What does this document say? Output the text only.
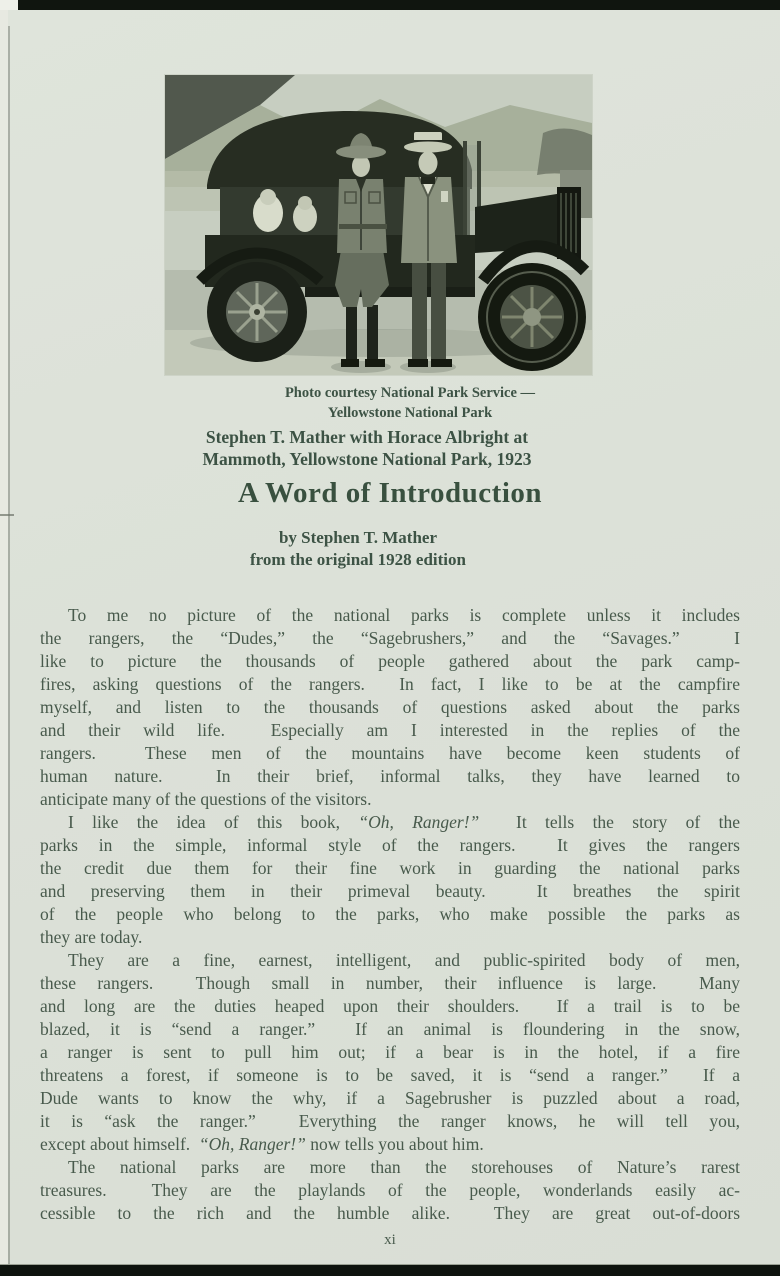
Photo courtesy National Park Service —
Yellowstone National Park
Stephen T. Mather with Horace Albright at
Mammoth, Yellowstone National Park, 1923
A Word of Introduction
by Stephen T. Mather
from the original 1928 edition
To me no picture of the national parks is complete unless it includes
the rangers, the “Dudes,” the “Sagebrushers,” and the “Savages.”  I
like to picture the thousands of people gathered about the park camp-
fires, asking questions of the rangers.  In fact, I like to be at the campfire
myself, and listen to the thousands of questions asked about the parks
and their wild life.  Especially am I interested in the replies of the
rangers.  These men of the mountains have become keen students of
human nature.  In their brief, informal talks, they have learned to
anticipate many of the questions of the visitors.
I like the idea of this book, “Oh, Ranger!”  It tells the story of the
parks in the simple, informal style of the rangers.  It gives the rangers
the credit due them for their fine work in guarding the national parks
and preserving them in their primeval beauty.  It breathes the spirit
of the people who belong to the parks, who make possible the parks as
they are today.
They are a fine, earnest, intelligent, and public-spirited body of men,
these rangers.  Though small in number, their influence is large.  Many
and long are the duties heaped upon their shoulders.  If a trail is to be
blazed, it is “send a ranger.”  If an animal is floundering in the snow,
a ranger is sent to pull him out; if a bear is in the hotel, if a fire
threatens a forest, if someone is to be saved, it is “send a ranger.”  If a
Dude wants to know the why, if a Sagebrusher is puzzled about a road,
it is “ask the ranger.”  Everything the ranger knows, he will tell you,
except about himself.  “Oh, Ranger!” now tells you about him.
The national parks are more than the storehouses of Nature’s rarest
treasures.  They are the playlands of the people, wonderlands easily ac-
cessible to the rich and the humble alike.  They are great out-of-doors
xi
